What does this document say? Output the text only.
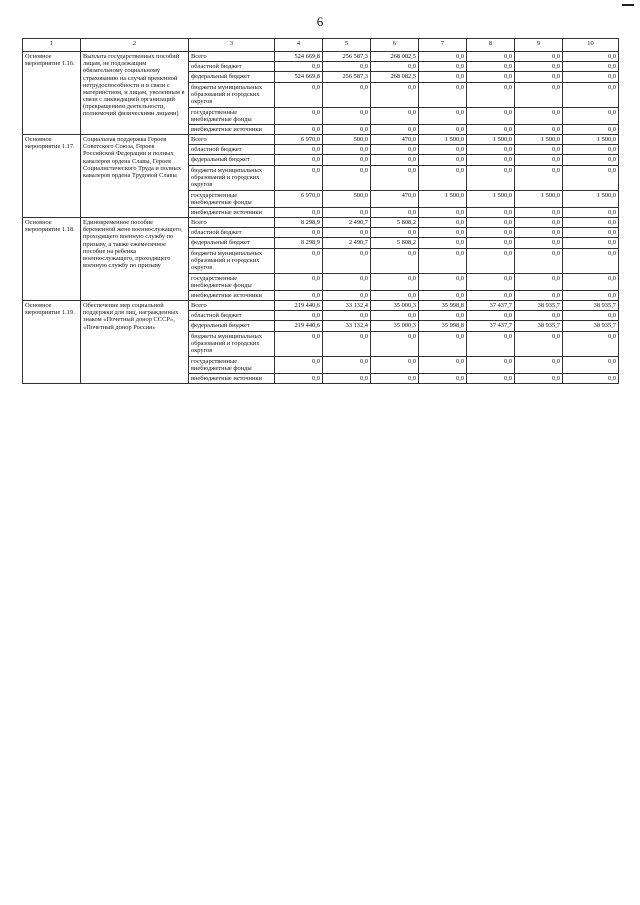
6
1	2	3	4	5	6	7	8	9	10
Основное мероприятие 1.16.	Выплата государственных пособий лицам, не подлежащим обязательному социальному страхованию на случай временной нетрудоспособности и в связи с материнством, и лицам, уволенным в связи с ликвидацией организаций (прекращением деятельности, полномочий физическими лицами)	Всего	524 669,8	256 587,3	268 082,5	0,0	0,0	0,0	0,0
		областной бюджет	0,0	0,0	0,0	0,0	0,0	0,0	0,0
		федеральный бюджет	524 669,8	256 587,3	268 082,5	0,0	0,0	0,0	0,0
		бюджеты муниципальных образований и городских округов	0,0	0,0	0,0	0,0	0,0	0,0	0,0
		государственные внебюджетные фонды	0,0	0,0	0,0	0,0	0,0	0,0	0,0
		внебюджетные источники	0,0	0,0	0,0	0,0	0,0	0,0	0,0
Основное мероприятие 1.17.	Социальная поддержка Героев Советского Союза, Героев Российской Федерации и полных кавалеров ордена Славы, Героев Социалистического Труда и полных кавалеров ордена Трудовой Славы	Всего	6 970,0	500,0	470,0	1 500,0	1 500,0	1 500,0	1 500,0
		областной бюджет	0,0	0,0	0,0	0,0	0,0	0,0	0,0
		федеральный бюджет	0,0	0,0	0,0	0,0	0,0	0,0	0,0
		бюджеты муниципальных образований и городских округов	0,0	0,0	0,0	0,0	0,0	0,0	0,0
		государственные внебюджетные фонды	6 970,0	500,0	470,0	1 500,0	1 500,0	1 500,0	1 500,0
		внебюджетные источники	0,0	0,0	0,0	0,0	0,0	0,0	0,0
Основное мероприятие 1.18.	Единовременное пособие беременной жене военнослужащего, проходящего военную службу по призыву, а также ежемесячное пособие на ребенка военнослужащего, проходящего военную службу по призыву	Всего	8 298,9	2 490,7	5 808,2	0,0	0,0	0,0	0,0
		областной бюджет	0,0	0,0	0,0	0,0	0,0	0,0	0,0
		федеральный бюджет	8 298,9	2 490,7	5 808,2	0,0	0,0	0,0	0,0
		бюджеты муниципальных образований и городских округов	0,0	0,0	0,0	0,0	0,0	0,0	0,0
		государственные внебюджетные фонды	0,0	0,0	0,0	0,0	0,0	0,0	0,0
		внебюджетные источники	0,0	0,0	0,0	0,0	0,0	0,0	0,0
Основное мероприятие 1.19.	Обеспечение мер социальной поддержки для лиц, награжденных знаком «Почетный донор СССР», «Почетный донор России»	Всего	219 440,6	33 132,4	35 000,3	35 998,8	37 437,7	38 935,7	38 935,7
		областной бюджет	0,0	0,0	0,0	0,0	0,0	0,0	0,0
		федеральный бюджет	219 440,6	33 132,4	35 000,3	35 998,8	37 437,7	38 935,7	38 935,7
		бюджеты муниципальных образований и городских округов	0,0	0,0	0,0	0,0	0,0	0,0	0,0
		государственные внебюджетные фонды	0,0	0,0	0,0	0,0	0,0	0,0	0,0
		внебюджетные источники	0,0	0,0	0,0	0,0	0,0	0,0	0,0
